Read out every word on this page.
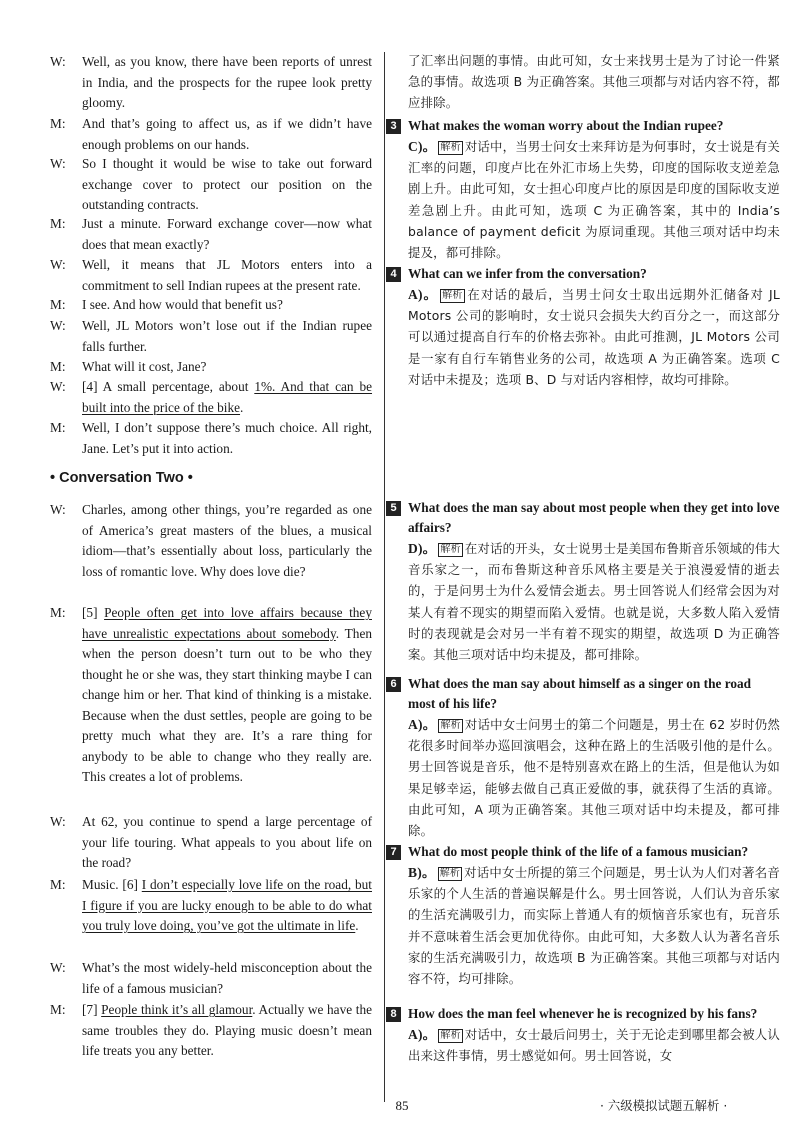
W: Well, as you know, there have been reports of unrest in India, and the prospects for the rupee look pretty gloomy.
M: And that’s going to affect us, as if we didn’t have enough problems on our hands.
W: So I thought it would be wise to take out forward exchange cover to protect our position on the outstanding contracts.
M: Just a minute. Forward exchange cover—now what does that mean exactly?
W: Well, it means that JL Motors enters into a commitment to sell Indian rupees at the present rate.
M: I see. And how would that benefit us?
W: Well, JL Motors won’t lose out if the Indian rupee falls further.
M: What will it cost, Jane?
W: [4] A small percentage, about 1%. And that can be built into the price of the bike.
M: Well, I don’t suppose there’s much choice. All right, Jane. Let’s put it into action.
• Conversation Two •
W: Charles, among other things, you’re regarded as one of America’s great masters of the blues, a musical idiom—that’s essentially about loss, particularly the loss of romantic love. Why does love die?
M: [5] People often get into love affairs because they have unrealistic expectations about somebody. Then when the person doesn’t turn out to be who they thought he or she was, they start thinking maybe I can change him or her. That kind of thinking is a mistake. Because when the dust settles, people are going to be pretty much what they are. It’s a rare thing for anybody to be able to change who they really are. This creates a lot of problems.
W: At 62, you continue to spend a large percentage of your life touring. What appeals to you about life on the road?
M: Music. [6] I don’t especially love life on the road, but I figure if you are lucky enough to be able to do what you truly love doing, you’ve got the ultimate in life.
W: What’s the most widely-held misconception about the life of a famous musician?
M: [7] People think it’s all glamour. Actually we have the same troubles they do. Playing music doesn’t mean life treats you any better.
了汇率出问题的事情。由此可知，女士来找男士是为了讨论一件紧急的事情。故选项 B 为正确答案。其他三项都与对话内容不符，都应排除。
3 What makes the woman worry about the Indian rupee?
C)。 解析 对话中，当男士问女士来拜访是为何事时，女士说是有关汇率的问题，印度卢比在外汇市场上失势，印度的国际收支逆差急剧上升。由此可知，女士担心印度卢比的原因是印度的国际收支逆差急剧上升。由此可知，选项 C 为正确答案，其中的 India’s balance of payment deficit 为原词重现。其他三项对话中均未提及，都可排除。
4 What can we infer from the conversation?
A)。 解析 在对话的最后，当男士问女士取出远期外汇储备对 JL Motors 公司的影响时，女士说只会损失大约百分之一，而这部分可以通过提高自行车的价格去弥补。由此可推测，JL Motors 公司是一家有自行车销售业务的公司，故选项 A 为正确答案。选项 C 对话中未提及；选项 B、D 与对话内容相悖，故均可排除。
5 What does the man say about most people when they get into love affairs?
D)。 解析 在对话的开头，女士说男士是美国布鲁斯音乐领域的伟大音乐家之一，而布鲁斯这种音乐风格主要是关于浪漫爱情的逝去的，于是问男士为什么爱情会逝去。男士回答说人们经常会因为对某人有着不现实的期望而陷入爱情。也就是说，大多数人陷入爱情时的表现就是会对另一半有着不现实的期望，故选项 D 为正确答案。其他三项对话中均未提及，都可排除。
6 What does the man say about himself as a singer on the road most of his life?
A)。 解析 对话中女士问男士的第二个问题是，男士在 62 岁时仍然花很多时间举办巡回演唱会，这种在路上的生活吸引他的是什么。男士回答说是音乐，他不是特别喜欢在路上的生活，但是他认为如果足够幸运，能够去做自己真正爱做的事，就获得了生活的真谛。由此可知，A 项为正确答案。其他三项对话中均未提及，都可排除。
7 What do most people think of the life of a famous musician?
B)。 解析 对话中女士所提的第三个问题是，男士认为人们对著名音乐家的个人生活的普遍误解是什么。男士回答说，人们认为音乐家的生活充满吸引力，而实际上普通人有的烦恼音乐家也有，玩音乐并不意味着生活会更加优待你。由此可知，大多数人认为著名音乐家的生活充满吸引力，故选项 B 为正确答案。其他三项都与对话内容不符，均可排除。
8 How does the man feel whenever he is recognized by his fans?
A)。 解析 对话中，女士最后问男士，关于无论走到哪里都会被人认出来这件事情，男士感觉如何。男士回答说，女
85	· 六级模拟试题五解析 ·
